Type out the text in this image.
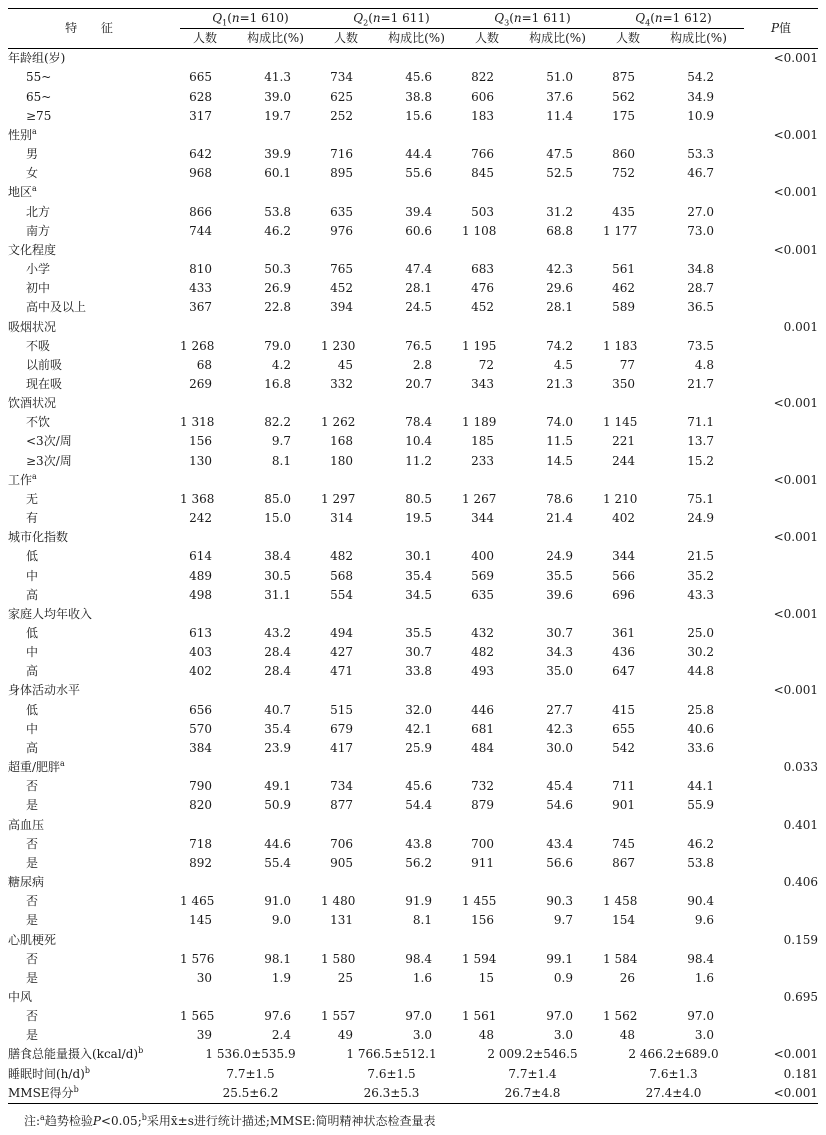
特 征	$Q_1(n=1$ 610)		$Q_2(n=1$ 611)		$Q_3(n=1$ 611)		$Q_4(n=1$ 612)		P值
	人数	构成比(%)	人数	构成比(%)	人数	构成比(%)	人数	构成比(%)	
年龄组(岁)									<0.001
55~	665	41.3	734	45.6	822	51.0	875	54.2	
65~	628	39.0	625	38.8	606	37.6	562	34.9	
≥75	317	19.7	252	15.6	183	11.4	175	10.9	
性别$^a$									<0.001
男	642	39.9	716	44.4	766	47.5	860	53.3	
女	968	60.1	895	55.6	845	52.5	752	46.7	
地区$^a$									<0.001
北方	866	53.8	635	39.4	503	31.2	435	27.0	
南方	744	46.2	976	60.6	1 108	68.8	1 177	73.0	
文化程度									<0.001
小学	810	50.3	765	47.4	683	42.3	561	34.8	
初中	433	26.9	452	28.1	476	29.6	462	28.7	
高中及以上	367	22.8	394	24.5	452	28.1	589	36.5	
吸烟状况									0.001
不吸	1 268	79.0	1 230	76.5	1 195	74.2	1 183	73.5	
以前吸	68	4.2	45	2.8	72	4.5	77	4.8	
现在吸	269	16.8	332	20.7	343	21.3	350	21.7	
饮酒状况									<0.001
不饮	1 318	82.2	1 262	78.4	1 189	74.0	1 145	71.1	
<3次/周	156	9.7	168	10.4	185	11.5	221	13.7	
≥3次/周	130	8.1	180	11.2	233	14.5	244	15.2	
工作$^a$									<0.001
无	1 368	85.0	1 297	80.5	1 267	78.6	1 210	75.1	
有	242	15.0	314	19.5	344	21.4	402	24.9	
城市化指数									<0.001
低	614	38.4	482	30.1	400	24.9	344	21.5	
中	489	30.5	568	35.4	569	35.5	566	35.2	
高	498	31.1	554	34.5	635	39.6	696	43.3	
家庭人均年收入									<0.001
低	613	43.2	494	35.5	432	30.7	361	25.0	
中	403	28.4	427	30.7	482	34.3	436	30.2	
高	402	28.4	471	33.8	493	35.0	647	44.8	
身体活动水平									<0.001
低	656	40.7	515	32.0	446	27.7	415	25.8	
中	570	35.4	679	42.1	681	42.3	655	40.6	
高	384	23.9	417	25.9	484	30.0	542	33.6	
超重/肥胖$^a$									0.033
否	790	49.1	734	45.6	732	45.4	711	44.1	
是	820	50.9	877	54.4	879	54.6	901	55.9	
高血压									0.401
否	718	44.6	706	43.8	700	43.4	745	46.2	
是	892	55.4	905	56.2	911	56.6	867	53.8	
糖尿病									0.406
否	1 465	91.0	1 480	91.9	1 455	90.3	1 458	90.4	
是	145	9.0	131	8.1	156	9.7	154	9.6	
心肌梗死									0.159
否	1 576	98.1	1 580	98.4	1 594	99.1	1 584	98.4	
是	30	1.9	25	1.6	15	0.9	26	1.6	
中风									0.695
否	1 565	97.6	1 557	97.0	1 561	97.0	1 562	97.0	
是	39	2.4	49	3.0	48	3.0	48	3.0	
膳食总能量摄入(kcal/d)$^b$	1 536.0±535.9		1 766.5±512.1		2 009.2±546.5		2 466.2±689.0		<0.001
睡眠时间$(h/d)^b$	7.7±1.5		7.6±1.5		7.7±1.4		7.6±1.3		0.181
MMSE得分$^b$	25.5±6.2		26.3±5.3		26.7±4.8		27.4±4.0		<0.001
注:$^a$趋势检验P<0.05;$^b$采用x̄±s进行统计描述;MMSE:简明精神状态检查量表
